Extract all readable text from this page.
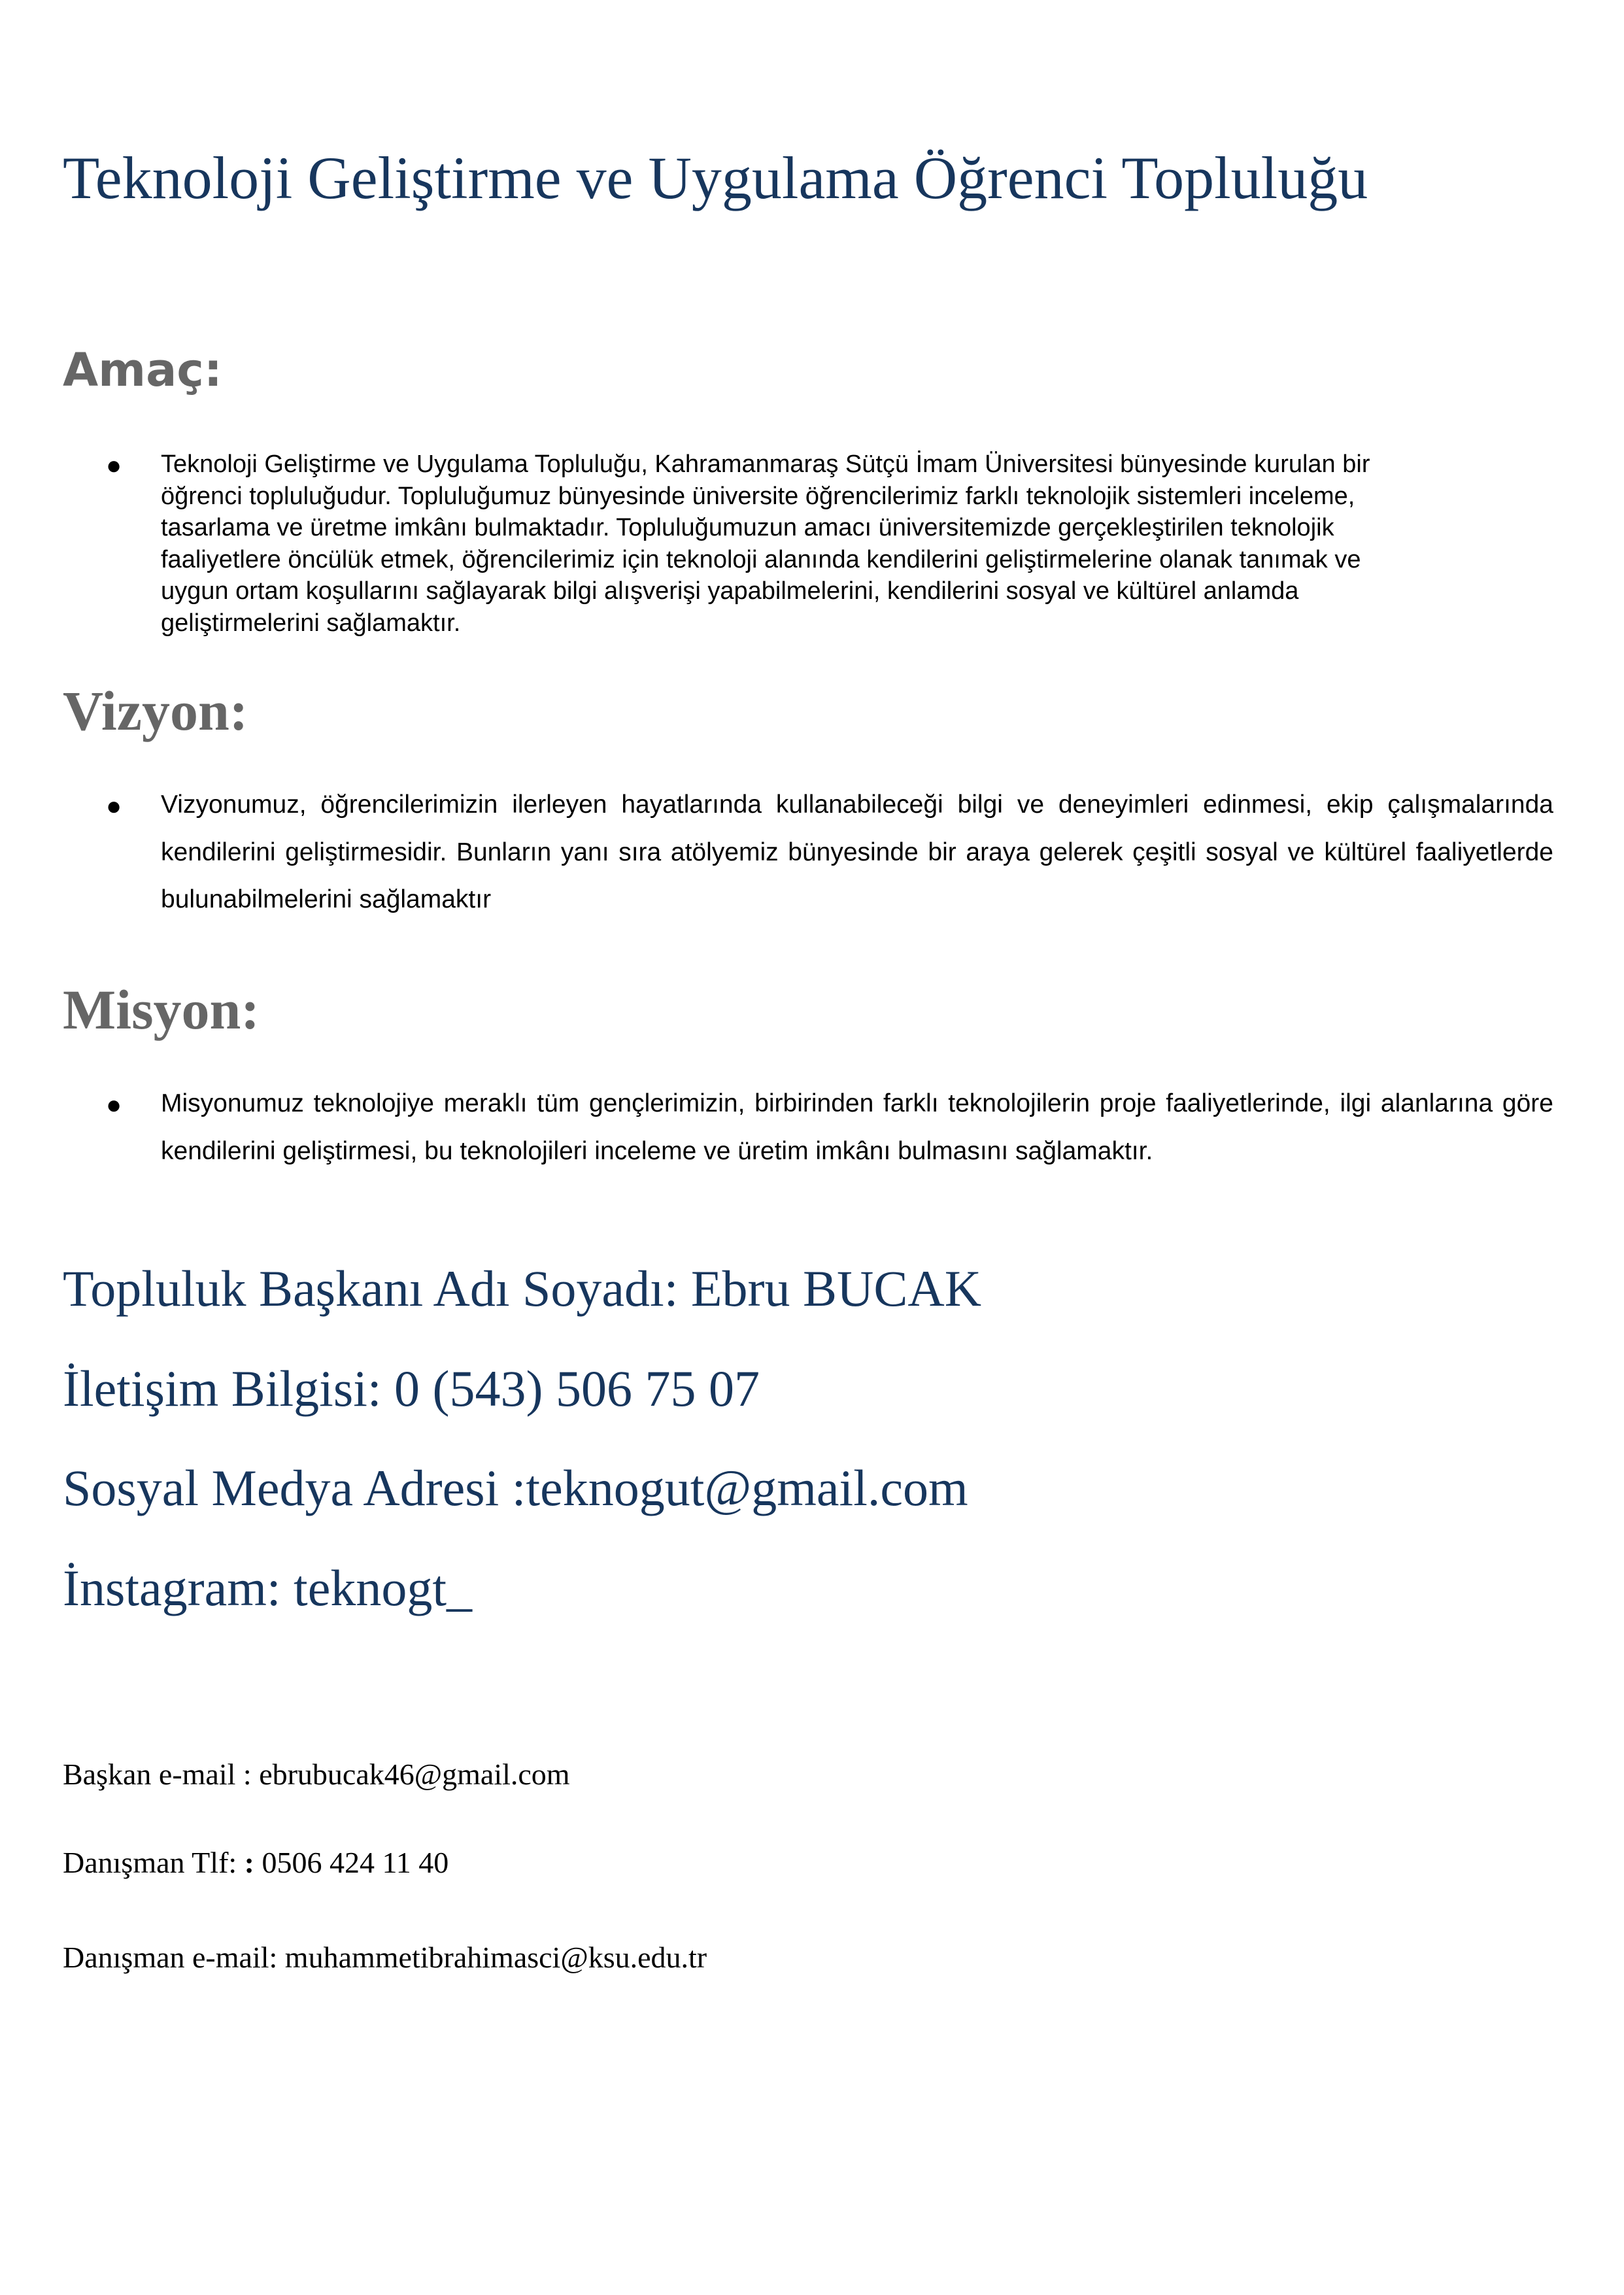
Teknoloji Geliştirme ve Uygulama Öğrenci Topluluğu
Amaç:
● Teknoloji Geliştirme ve Uygulama Topluluğu, Kahramanmaraş Sütçü İmam Üniversitesi bünyesinde kurulan bir
öğrenci topluluğudur. Topluluğumuz bünyesinde üniversite öğrencilerimiz farklı teknolojik sistemleri inceleme,
tasarlama ve üretme imkânı bulmaktadır. Topluluğumuzun amacı üniversitemizde gerçekleştirilen teknolojik
faaliyetlere öncülük etmek, öğrencilerimiz için teknoloji alanında kendilerini geliştirmelerine olanak tanımak ve
uygun ortam koşullarını sağlayarak bilgi alışverişi yapabilmelerini, kendilerini sosyal ve kültürel anlamda
geliştirmelerini sağlamaktır.

Vizyon:
● Vizyonumuz, öğrencilerimizin ilerleyen hayatlarında kullanabileceği bilgi ve deneyimleri edinmesi, ekip çalışmalarında kendilerini geliştirmesidir. Bunların yanı sıra atölyemiz bünyesinde bir araya gelerek çeşitli sosyal ve kültürel faaliyetlerde bulunabilmelerini sağlamaktır

Misyon:
● Misyonumuz teknolojiye meraklı tüm gençlerimizin, birbirinden farklı teknolojilerin proje faaliyetlerinde, ilgi alanlarına göre kendilerini geliştirmesi, bu teknolojileri inceleme ve üretim imkânı bulmasını sağlamaktır.

Topluluk Başkanı Adı Soyadı: Ebru BUCAK

İletişim Bilgisi: 0 (543) 506 75 07

Sosyal Medya Adresi :teknogut@gmail.com

İnstagram: teknogt_

Başkan e-mail : ebrubucak46@gmail.com

Danışman Tlf: : 0506 424 11 40

Danışman e-mail: muhammetibrahimasci@ksu.edu.tr
